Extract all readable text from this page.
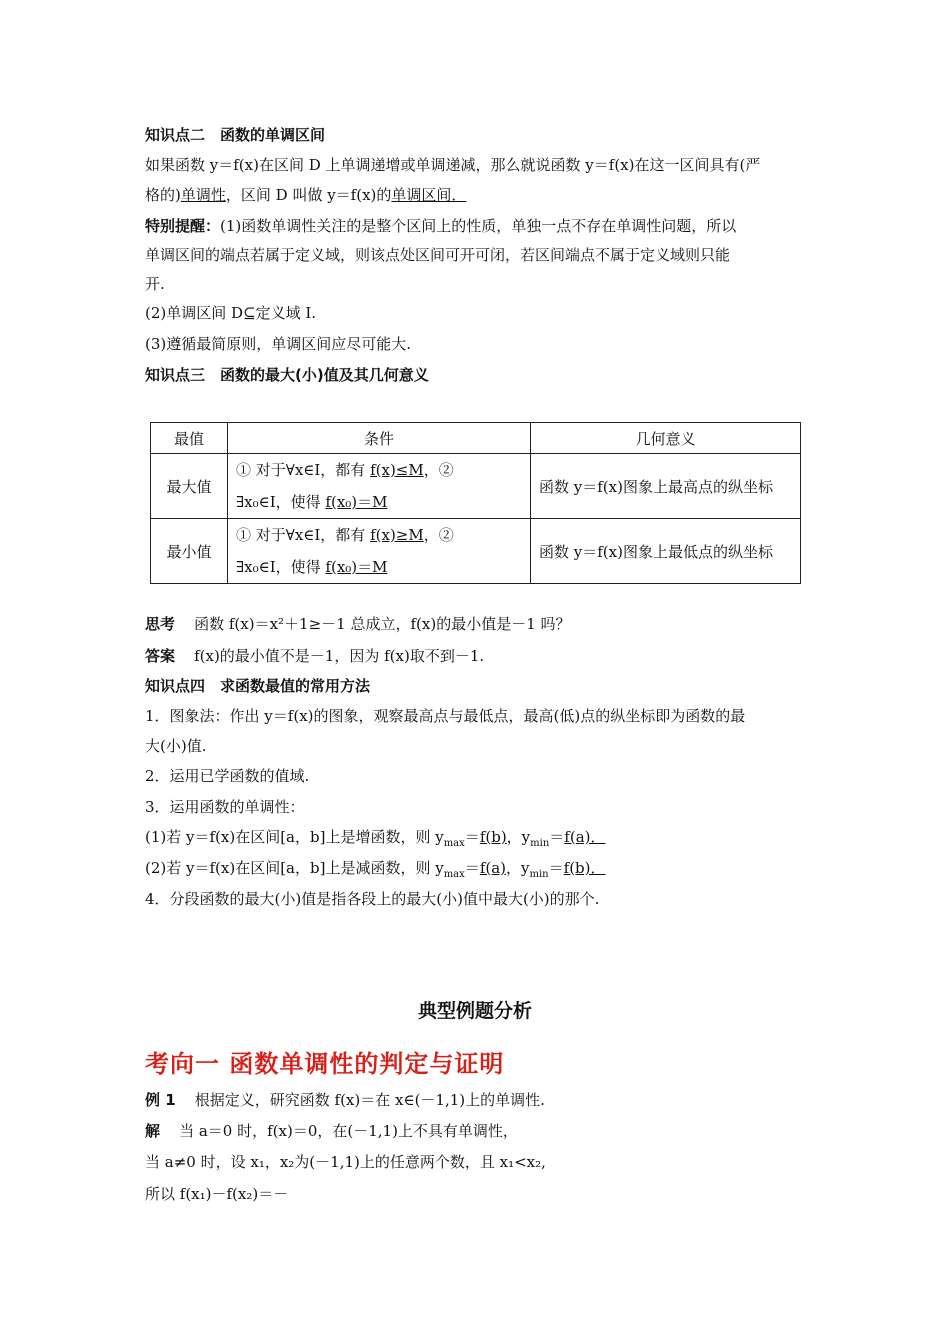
知识点二　函数的单调区间
如果函数 y＝f(x)在区间 D 上单调递增或单调递减，那么就说函数 y＝f(x)在这一区间具有(严
格的)单调性，区间 D 叫做 y＝f(x)的单调区间．
特别提醒：(1)函数单调性关注的是整个区间上的性质，单独一点不存在单调性问题，所以
单调区间的端点若属于定义域，则该点处区间可开可闭，若区间端点不属于定义域则只能
开.
(2)单调区间 D⊆定义域 I.
(3)遵循最简原则，单调区间应尽可能大.
知识点三　函数的最大(小)值及其几何意义
最值	条件	几何意义
最大值	① 对于∀x∈I，都有 f(x)≤M，②
∃x₀∈I，使得 f(x₀)＝M	函数 y＝f(x)图象上最高点的纵坐标
最小值	① 对于∀x∈I，都有 f(x)≥M，②
∃x₀∈I，使得 f(x₀)＝M	函数 y＝f(x)图象上最低点的纵坐标
思考 函数 f(x)＝x²＋1≥－1 总成立，f(x)的最小值是－1 吗？
答案 f(x)的最小值不是－1，因为 f(x)取不到－1.
知识点四　求函数最值的常用方法
1．图象法：作出 y＝f(x)的图象，观察最高点与最低点，最高(低)点的纵坐标即为函数的最
大(小)值.
2．运用已学函数的值域.
3．运用函数的单调性：
(1)若 y＝f(x)在区间[a，b]上是增函数，则 $y_{max}=f(b)$，$y_{min}=f(a)$．
(2)若 y＝f(x)在区间[a，b]上是减函数，则 $y_{max}=f(a)$，$y_{min}=f(b)$．
4．分段函数的最大(小)值是指各段上的最大(小)值中最大(小)的那个.
典型例题分析
考向一 函数单调性的判定与证明
例 1 根据定义，研究函数 f(x)＝在 x∈(－1,1)上的单调性.
解 当 a＝0 时，f(x)＝0，在(－1,1)上不具有单调性，
当 a≠0 时，设 x₁，x₂为(－1,1)上的任意两个数，且 x₁<x₂,
所以 f(x₁)－f(x₂)＝－
